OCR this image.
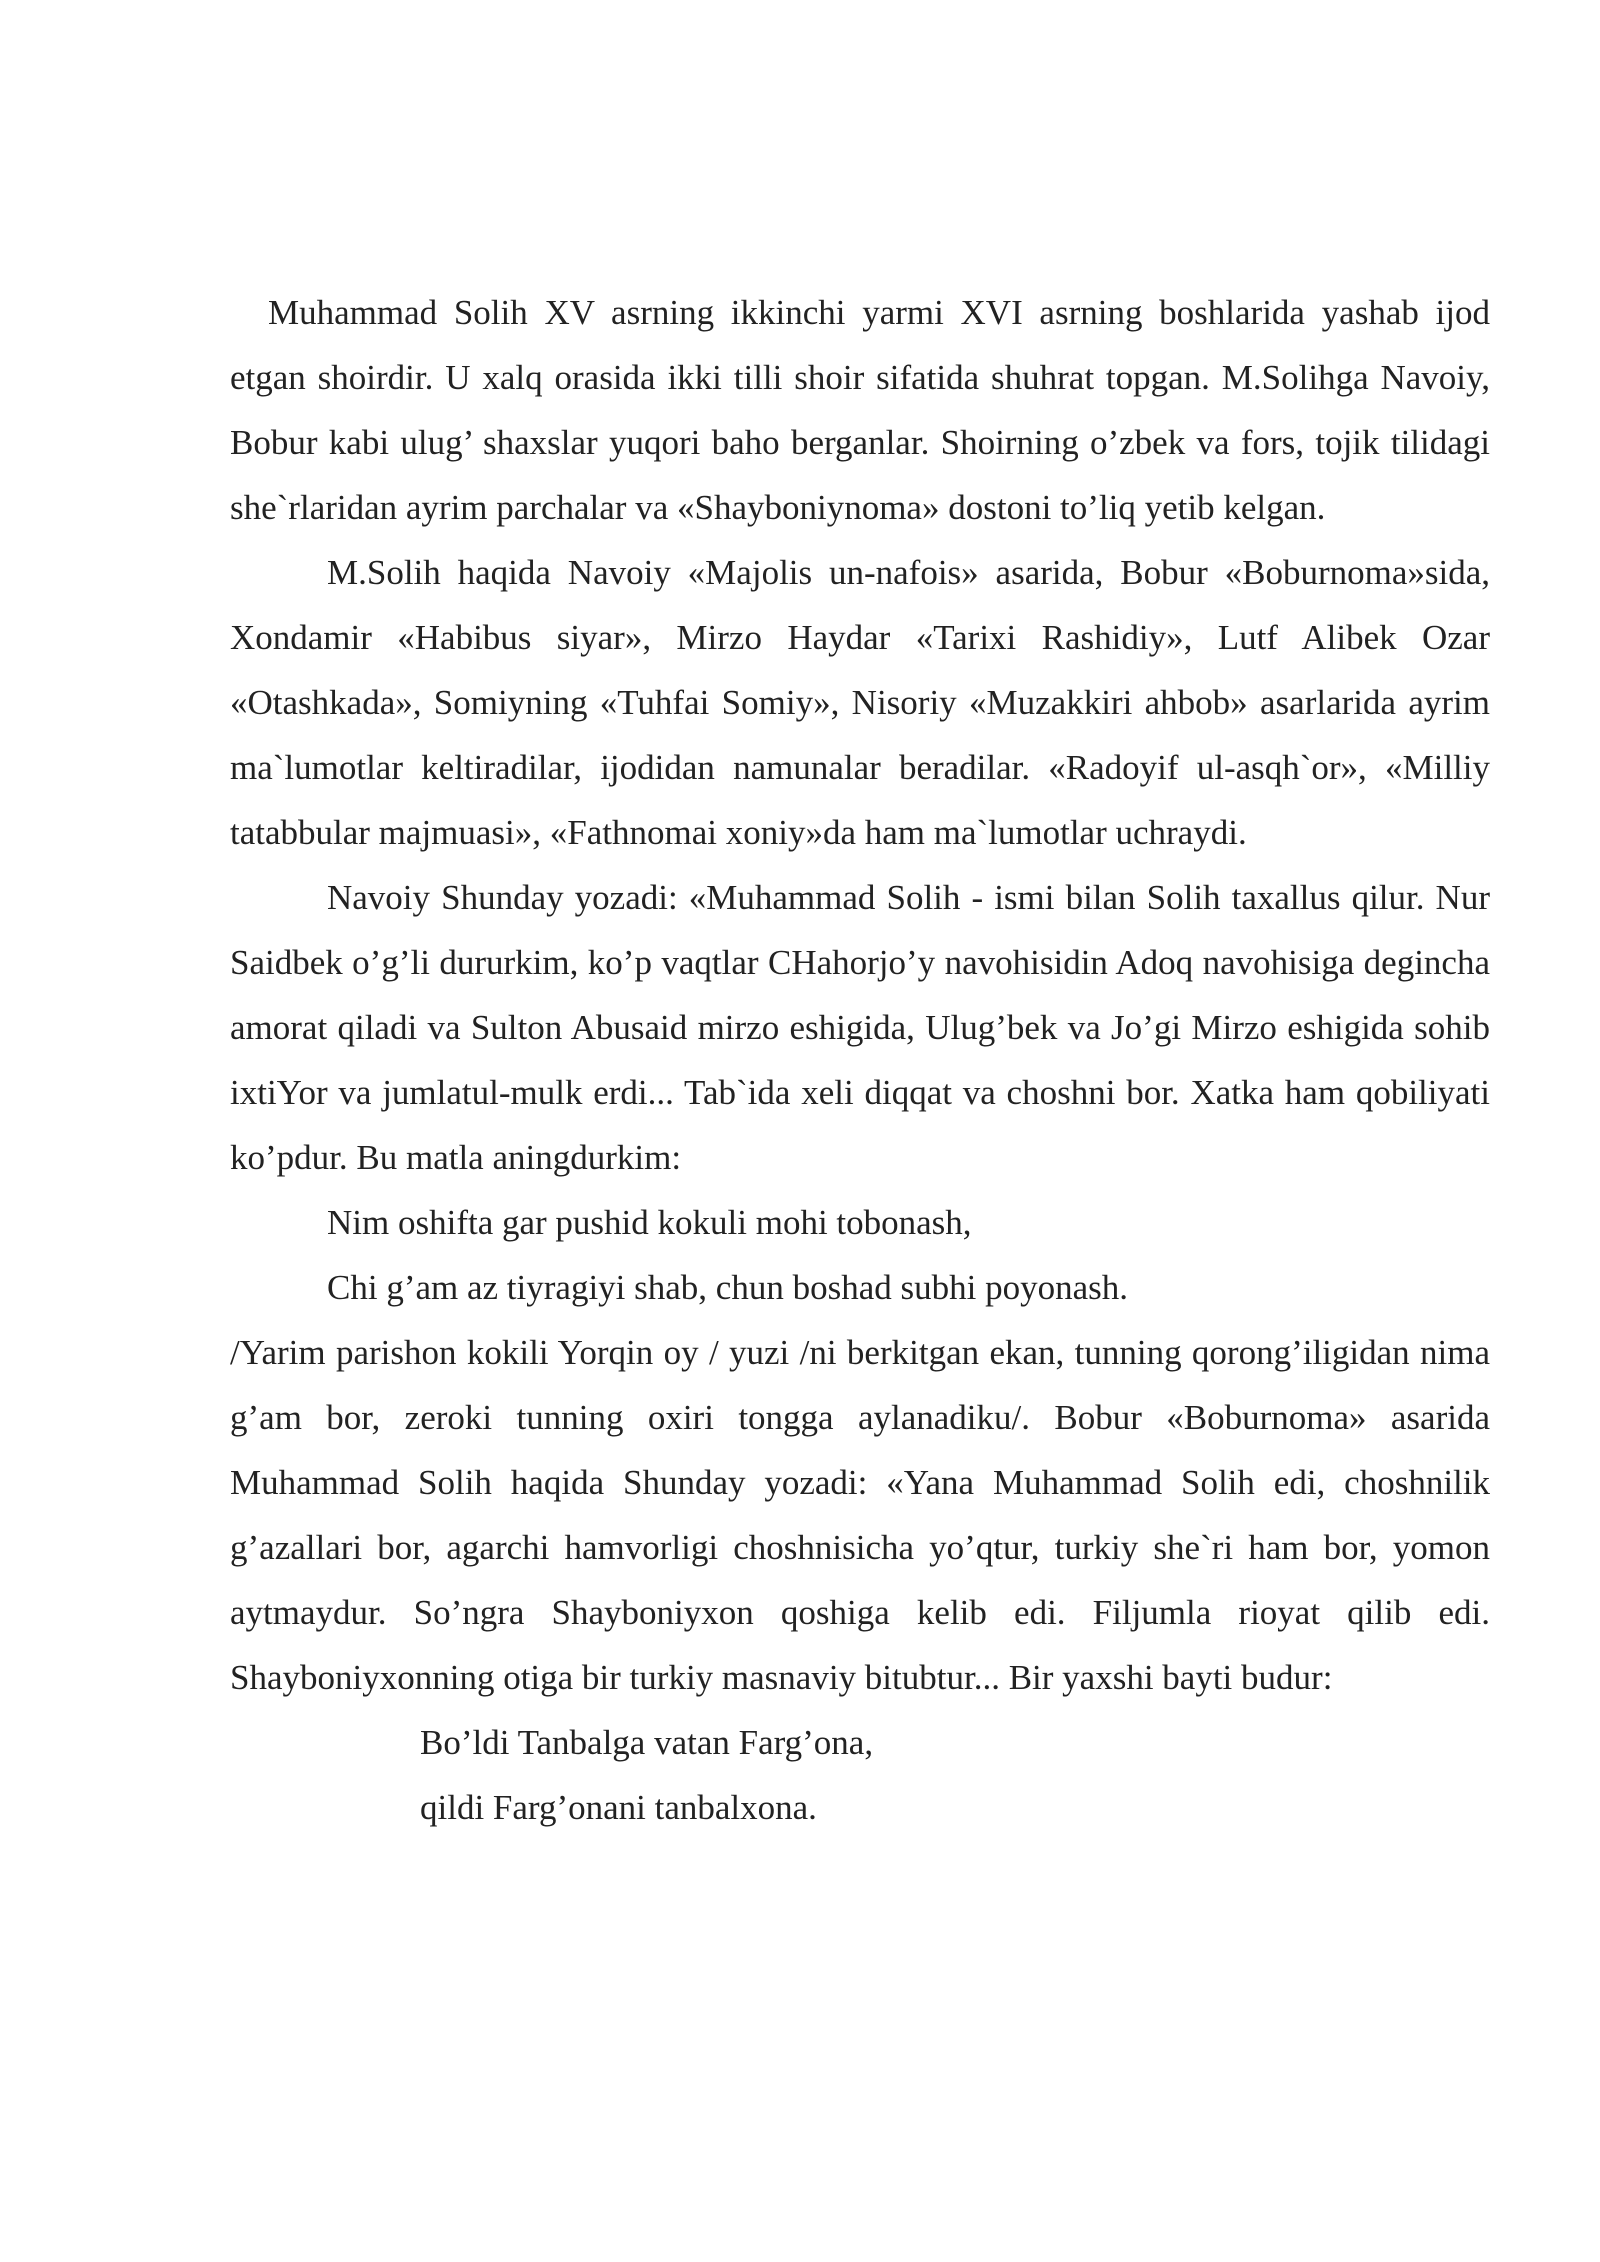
Muhammad Solih XV asrning ikkinchi yarmi XVI asrning boshlarida yashab ijod etgan shoirdir. U xalq orasida ikki tilli shoir sifatida shuhrat topgan. M.Solihga Navoiy, Bobur kabi ulug’ shaxslar yuqori baho berganlar. Shoirning o’zbek va fors, tojik tilidagi she`rlaridan ayrim parchalar va «Shayboniynoma» dostoni to’liq yetib kelgan.

M.Solih haqida Navoiy «Majolis un-nafois» asarida, Bobur «Boburnoma»sida, Xondamir «Habibus siyar», Mirzo Haydar «Tarixi Rashidiy», Lutf Alibek Ozar «Otashkada», Somiyning «Tuhfai Somiy», Nisoriy «Muzakkiri ahbob» asarlarida ayrim ma`lumotlar keltiradilar, ijodidan namunalar beradilar. «Radoyif ul-asqh`or», «Milliy tatabbular majmuasi», «Fathnomai xoniy»da ham ma`lumotlar uchraydi.

Navoiy Shunday yozadi: «Muhammad Solih - ismi bilan Solih taxallus qilur. Nur Saidbek o’g’li dururkim, ko’p vaqtlar CHahorjo’y navohisidin Adoq navohisiga degincha amorat qiladi va Sulton Abusaid mirzo eshigida, Ulug’bek va Jo’gi Mirzo eshigida sohib ixtiYor va jumlatul-mulk erdi... Tab`ida xeli diqqat va choshni bor. Xatka ham qobiliyati ko’pdur. Bu matla aningdurkim:

Nim oshifta gar pushid kokuli mohi tobonash,

Chi g’am az tiyragiyi shab, chun boshad subhi poyonash.

/Yarim parishon kokili Yorqin oy / yuzi /ni berkitgan ekan, tunning qorong’iligidan nima g’am bor, zeroki tunning oxiri tongga aylanadiku/. Bobur «Boburnoma» asarida Muhammad Solih haqida Shunday yozadi: «Yana Muhammad Solih edi, choshnilik g’azallari bor, agarchi hamvorligi choshnisicha yo’qtur, turkiy she`ri ham bor, yomon aytmaydur. So’ngra Shayboniyxon qoshiga kelib edi. Filjumla rioyat qilib edi. Shayboniyxonning otiga bir turkiy masnaviy bitubtur... Bir yaxshi bayti budur:

Bo’ldi Tanbalga vatan Farg’ona,

qildi Farg’onani tanbalxona.
